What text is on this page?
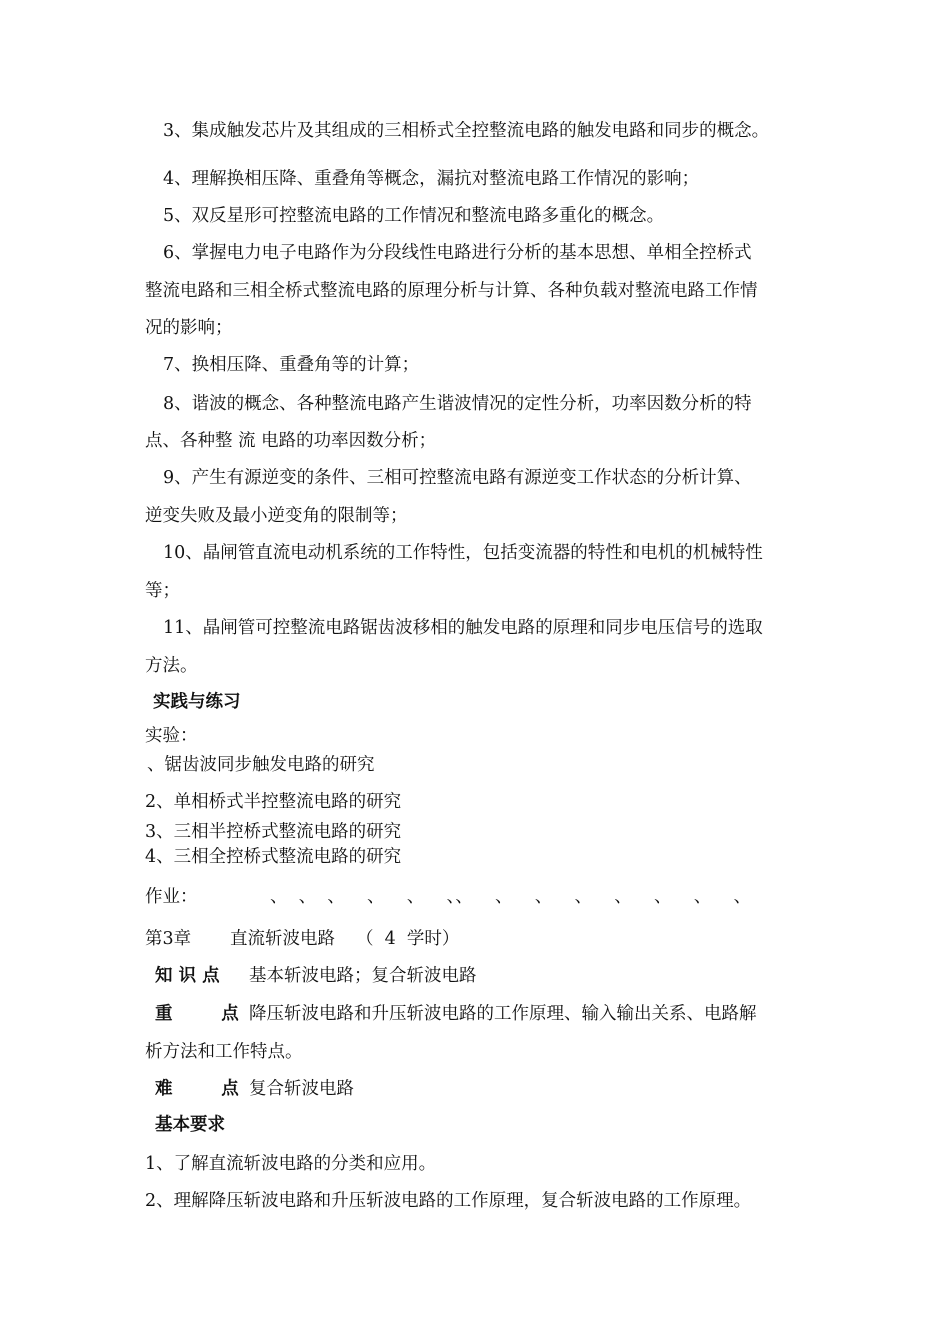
3、集成触发芯片及其组成的三相桥式全控整流电路的触发电路和同步的概念。
4、理解换相压降、重叠角等概念，漏抗对整流电路工作情况的影响；
5、双反星形可控整流电路的工作情况和整流电路多重化的概念。
6、掌握电力电子电路作为分段线性电路进行分析的基本思想、单相全控桥式
整流电路和三相全桥式整流电路的原理分析与计算、各种负载对整流电路工作情
况的影响；
7、换相压降、重叠角等的计算；
8、谐波的概念、各种整流电路产生谐波情况的定性分析，功率因数分析的特
点、各种整 流 电路的功率因数分析；
9、产生有源逆变的条件、三相可控整流电路有源逆变工作状态的分析计算、
逆变失败及最小逆变角的限制等；
10、晶闸管直流电动机系统的工作特性，包括变流器的特性和电机的机械特性
等；
11、晶闸管可控整流电路锯齿波移相的触发电路的原理和同步电压信号的选取
方法。
实践与练习
实验：
、锯齿波同步触发电路的研究
2、单相桥式半控整流电路的研究
3、三相半控桥式整流电路的研究
4、三相全控桥式整流电路的研究
作业：	、  、  、    、    、    、、    、    、    、    、    、    、    、
第3章	直流斩波电路	（  4  学时）
知 识 点	基本斩波电路；复合斩波电路
重        点 降压斩波电路和升压斩波电路的工作原理、输入输出关系、电路解
析方法和工作特点。
难        点 复合斩波电路
基本要求
1、了解直流斩波电路的分类和应用。
2、理解降压斩波电路和升压斩波电路的工作原理，复合斩波电路的工作原理。
